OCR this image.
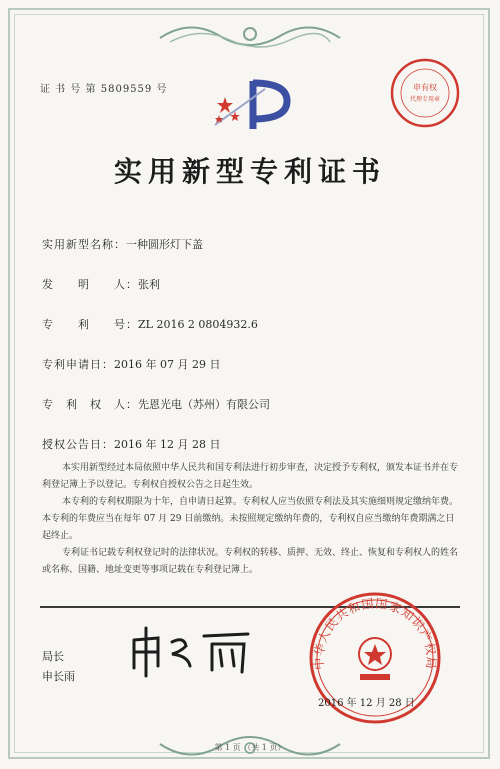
证 书 号 第 5809559 号	申有权
代理专用章
实用新型专利证书
实用新型名称：一种圆形灯下盖
发　　明　　人：张利
专　　利　　号：ZL 2016 2 0804932.6
专利申请日：2016 年 07 月 29 日
专　利　权　人：先恩光电（苏州）有限公司
授权公告日：2016 年 12 月 28 日

本实用新型经过本局依照中华人民共和国专利法进行初步审查，决定授予专利权，颁发本证书并在专利登记簿上予以登记。专利权自授权公告之日起生效。

本专利的专利权期限为十年，自申请日起算。专利权人应当依照专利法及其实施细则规定缴纳年费。本专利的年费应当在每年 07 月 29 日前缴纳。未按照规定缴纳年费的，专利权自应当缴纳年费期满之日起终止。

专利证书记载专利权登记时的法律状况。专利权的转移、质押、无效、终止、恢复和专利权人的姓名或名称、国籍、地址变更等事项记载在专利登记簿上。

局长
申长雨
中华人民共和国国家知识产权局
2016 年 12 月 28 日
第 1 页 （共 1 页）
